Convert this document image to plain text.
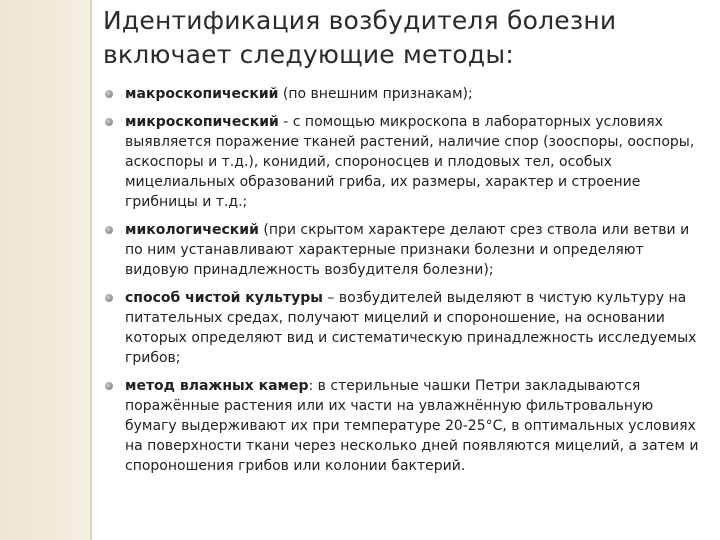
Идентификация возбудителя болезни включает следующие методы:
макроскопический (по внешним признакам);
микроскопический - с помощью микроскопа в лабораторных условиях выявляется поражение тканей растений, наличие спор (зооспоры, ооспоры, аскоспоры и т.д.), конидий, спороносцев и плодовых тел, особых мицелиальных образований гриба, их размеры, характер и строение грибницы и т.д.;
микологический (при скрытом характере делают срез ствола или ветви и по ним устанавливают характерные признаки болезни и определяют видовую принадлежность возбудителя болезни);
способ чистой культуры – возбудителей выделяют в чистую культуру на питательных средах, получают мицелий и спороношение, на основании которых определяют вид и систематическую принадлежность исследуемых грибов;
метод влажных камер: в стерильные чашки Петри закладываются поражённые растения или их части на увлажнённую фильтровальную бумагу выдерживают их при температуре 20-25°С, в оптимальных условиях на поверхности ткани через несколько дней появляются мицелий, а затем и спороношения грибов или колонии бактерий.
